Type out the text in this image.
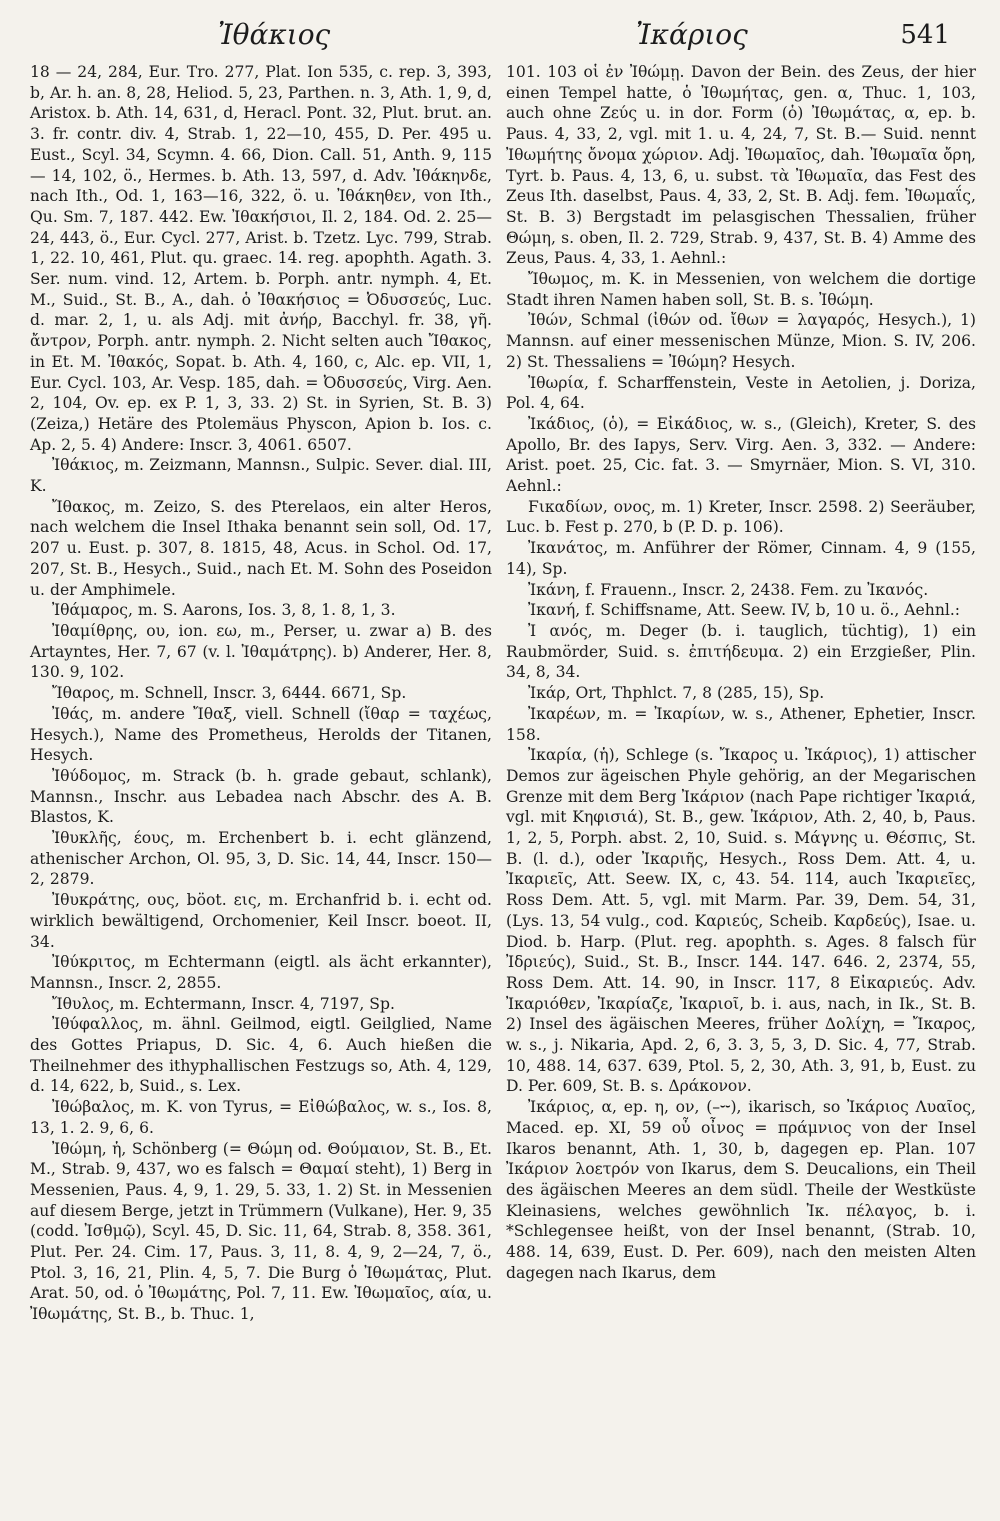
Ἰθάκιος	Ἰκάριος	541

18 — 24, 284, Eur. Tro. 277, Plat. Ion 535, c. rep. 3, 393, b, Ar. h. an. 8, 28, Heliod. 5, 23, Parthen. n. 3, Ath. 1, 9, d, Aristox. b. Ath. 14, 631, d, Heracl. Pont. 32, Plut. brut. an. 3. fr. contr. div. 4, Strab. 1, 22—10, 455, D. Per. 495 u. Eust., Scyl. 34, Scymn. 4. 66, Dion. Call. 51, Anth. 9, 115 — 14, 102, ö., Hermes. b. Ath. 13, 597, d. Adv. Ἰθάκηνδε, nach Ith., Od. 1, 163—16, 322, ö. u. Ἰθάκηθεν, von Ith., Qu. Sm. 7, 187. 442. Ew. Ἰθακήσιοι, Il. 2, 184. Od. 2. 25—24, 443, ö., Eur. Cycl. 277, Arist. b. Tzetz. Lyc. 799, Strab. 1, 22. 10, 461, Plut. qu. graec. 14. reg. apophth. Agath. 3. Ser. num. vind. 12, Artem. b. Porph. antr. nymph. 4, Et. M., Suid., St. B., A., dah. ὁ Ἰθακήσιος = Ὀδυσσεύς, Luc. d. mar. 2, 1, u. als Adj. mit ἀνήρ, Bacchyl. fr. 38, γῆ. ἄντρον, Porph. antr. nymph. 2. Nicht selten auch Ἴθακος, in Et. M. Ἰθακός, Sopat. b. Ath. 4, 160, c, Alc. ep. VII, 1, Eur. Cycl. 103, Ar. Vesp. 185, dah. = Ὀδυσσεύς, Virg. Aen. 2, 104, Ov. ep. ex P. 1, 3, 33. 2) St. in Syrien, St. B. 3) (Zeiza,) Hetäre des Ptolemäus Physcon, Apion b. Ios. c. Ap. 2, 5. 4) Andere: Inscr. 3, 4061. 6507.

Ἰθάκιος, m. Zeizmann, Mannsn., Sulpic. Sever. dial. III, K.

Ἴθακος, m. Zeizo, S. des Pterelaos, ein alter Heros, nach welchem die Insel Ithaka benannt sein soll, Od. 17, 207 u. Eust. p. 307, 8. 1815, 48, Acus. in Schol. Od. 17, 207, St. B., Hesych., Suid., nach Et. M. Sohn des Poseidon u. der Amphimele.

Ἰθάμαρος, m. S. Aarons, Ios. 3, 8, 1. 8, 1, 3.

Ἰθαμίθρης, ου, ion. εω, m., Perser, u. zwar a) B. des Artayntes, Her. 7, 67 (v. l. Ἰθαμάτρης). b) Anderer, Her. 8, 130. 9, 102.

Ἴθαρος, m. Schnell, Inscr. 3, 6444. 6671, Sp.

Ἰθάς, m. andere Ἴθαξ, viell. Schnell (ἴθαρ = ταχέως, Hesych.), Name des Prometheus, Herolds der Titanen, Hesych.

Ἰθύδομος, m. Strack (b. h. grade gebaut, schlank), Mannsn., Inschr. aus Lebadea nach Abschr. des A. B. Blastos, K.

Ἰθυκλῆς, έους, m. Erchenbert b. i. echt glänzend, athenischer Archon, Ol. 95, 3, D. Sic. 14, 44, Inscr. 150—2, 2879.

Ἰθυκράτης, ους, böot. εις, m. Erchanfrid b. i. echt od. wirklich bewältigend, Orchomenier, Keil Inscr. boeot. II, 34.

Ἰθύκριτος, m Echtermann (eigtl. als ächt erkannter), Mannsn., Inscr. 2, 2855.

Ἴθυλος, m. Echtermann, Inscr. 4, 7197, Sp.

Ἰθύφαλλος, m. ähnl. Geilmod, eigtl. Geilglied, Name des Gottes Priapus, D. Sic. 4, 6. Auch hießen die Theilnehmer des ithyphallischen Festzugs so, Ath. 4, 129, d. 14, 622, b, Suid., s. Lex.

Ἰθώβαλος, m. K. von Tyrus, = Εἰθώβαλος, w. s., Ios. 8, 13, 1. 2. 9, 6, 6.

Ἰθώμη, ἡ, Schönberg (= Θώμη od. Θούμαιον, St. B., Et. M., Strab. 9, 437, wo es falsch = Θαμαί steht), 1) Berg in Messenien, Paus. 4, 9, 1. 29, 5. 33, 1. 2) St. in Messenien auf diesem Berge, jetzt in Trümmern (Vulkane), Her. 9, 35 (codd. Ἰσθμῷ), Scyl. 45, D. Sic. 11, 64, Strab. 8, 358. 361, Plut. Per. 24. Cim. 17, Paus. 3, 11, 8. 4, 9, 2—24, 7, ö., Ptol. 3, 16, 21, Plin. 4, 5, 7. Die Burg ὁ Ἰθωμάτας, Plut. Arat. 50, od. ὁ Ἰθωμάτης, Pol. 7, 11. Ew. Ἰθωμαῖος, αία, u. Ἰθωμάτης, St. B., b. Thuc. 1,

101. 103 οἱ ἐν Ἰθώμῃ. Davon der Bein. des Zeus, der hier einen Tempel hatte, ὁ Ἰθωμήτας, gen. α, Thuc. 1, 103, auch ohne Ζεύς u. in dor. Form (ὁ) Ἰθωμάτας, α, ep. b. Paus. 4, 33, 2, vgl. mit 1. u. 4, 24, 7, St. B.— Suid. nennt Ἰθωμήτης ὄνομα χώριον. Adj. Ἰθωμαῖος, dah. Ἰθωμαῖα ὄρη, Tyrt. b. Paus. 4, 13, 6, u. subst. τὰ Ἰθωμαῖα, das Fest des Zeus Ith. daselbst, Paus. 4, 33, 2, St. B. Adj. fem. Ἰθωμαΐς, St. B. 3) Bergstadt im pelasgischen Thessalien, früher Θώμη, s. oben, Il. 2. 729, Strab. 9, 437, St. B. 4) Amme des Zeus, Paus. 4, 33, 1. Aehnl.:

Ἴθωμος, m. K. in Messenien, von welchem die dortige Stadt ihren Namen haben soll, St. B. s. Ἰθώμη.

Ἰθών, Schmal (ἰθών od. ἴθων = λαγαρός, Hesych.), 1) Mannsn. auf einer messenischen Münze, Mion. S. IV, 206. 2) St. Thessaliens = Ἰθώμη? Hesych.

Ἰθωρία, f. Scharffenstein, Veste in Aetolien, j. Doriza, Pol. 4, 64.

Ἰκάδιος, (ὁ), = Εἰκάδιος, w. s., (Gleich), Kreter, S. des Apollo, Br. des Iapys, Serv. Virg. Aen. 3, 332. — Andere: Arist. poet. 25, Cic. fat. 3. — Smyrnäer, Mion. S. VI, 310. Aehnl.:

Ϝικαδίων, ονος, m. 1) Kreter, Inscr. 2598. 2) Seeräuber, Luc. b. Fest p. 270, b (P. D. p. 106).

Ἰκανάτος, m. Anführer der Römer, Cinnam. 4, 9 (155, 14), Sp.

Ἰκάνη, f. Frauenn., Inscr. 2, 2438. Fem. zu Ἰκανός.

Ἰκανή, f. Schiffsname, Att. Seew. IV, b, 10 u. ö., Aehnl.:

Ἰ ανός, m. Deger (b. i. tauglich, tüchtig), 1) ein Raubmörder, Suid. s. ἐπιτήδευμα. 2) ein Erzgießer, Plin. 34, 8, 34.

Ἰκάρ, Ort, Thphlct. 7, 8 (285, 15), Sp.

Ἰκαρέων, m. = Ἰκαρίων, w. s., Athener, Ephetier, Inscr. 158.

Ἰκαρία, (ἡ), Schlege (s. Ἴκαρος u. Ἰκάριος), 1) attischer Demos zur ägeischen Phyle gehörig, an der Megarischen Grenze mit dem Berg Ἰκάριον (nach Pape richtiger Ἰκαριά, vgl. mit Κηφισιά), St. B., gew. Ἰκάριον, Ath. 2, 40, b, Paus. 1, 2, 5, Porph. abst. 2, 10, Suid. s. Μάγνης u. Θέσπις, St. B. (l. d.), oder Ἰκαριῆς, Hesych., Ross Dem. Att. 4, u. Ἰκαριεῖς, Att. Seew. IX, c, 43. 54. 114, auch Ἰκαριεῖες, Ross Dem. Att. 5, vgl. mit Marm. Par. 39, Dem. 54, 31, (Lys. 13, 54 vulg., cod. Καριεύς, Scheib. Καρδεύς), Isae. u. Diod. b. Harp. (Plut. reg. apophth. s. Ages. 8 falsch für Ἰδριεύς), Suid., St. B., Inscr. 144. 147. 646. 2, 2374, 55, Ross Dem. Att. 14. 90, in Inscr. 117, 8 Εἰκαριεύς. Adv. Ἰκαριόθεν, Ἰκαρίαζε, Ἰκαριοῖ, b. i. aus, nach, in Ik., St. B. 2) Insel des ägäischen Meeres, früher Δολίχη, = Ἴκαρος, w. s., j. Nikaria, Apd. 2, 6, 3. 3, 5, 3, D. Sic. 4, 77, Strab. 10, 488. 14, 637. 639, Ptol. 5, 2, 30, Ath. 3, 91, b, Eust. zu D. Per. 609, St. B. s. Δράκονον.

Ἰκάριος, α, ep. η, ον, (–⏑⏑), ikarisch, so Ἰκάριος Λυαῖος, Maced. ep. XI, 59 οὖ οἶνος = πράμνιος von der Insel Ikaros benannt, Ath. 1, 30, b, dagegen ep. Plan. 107 Ἰκάριον λοετρόν von Ikarus, dem S. Deucalions, ein Theil des ägäischen Meeres an dem südl. Theile der Westküste Kleinasiens, welches gewöhnlich Ἰκ. πέλαγος, b. i. *Schlegensee heißt, von der Insel benannt, (Strab. 10, 488. 14, 639, Eust. D. Per. 609), nach den meisten Alten dagegen nach Ikarus, dem
